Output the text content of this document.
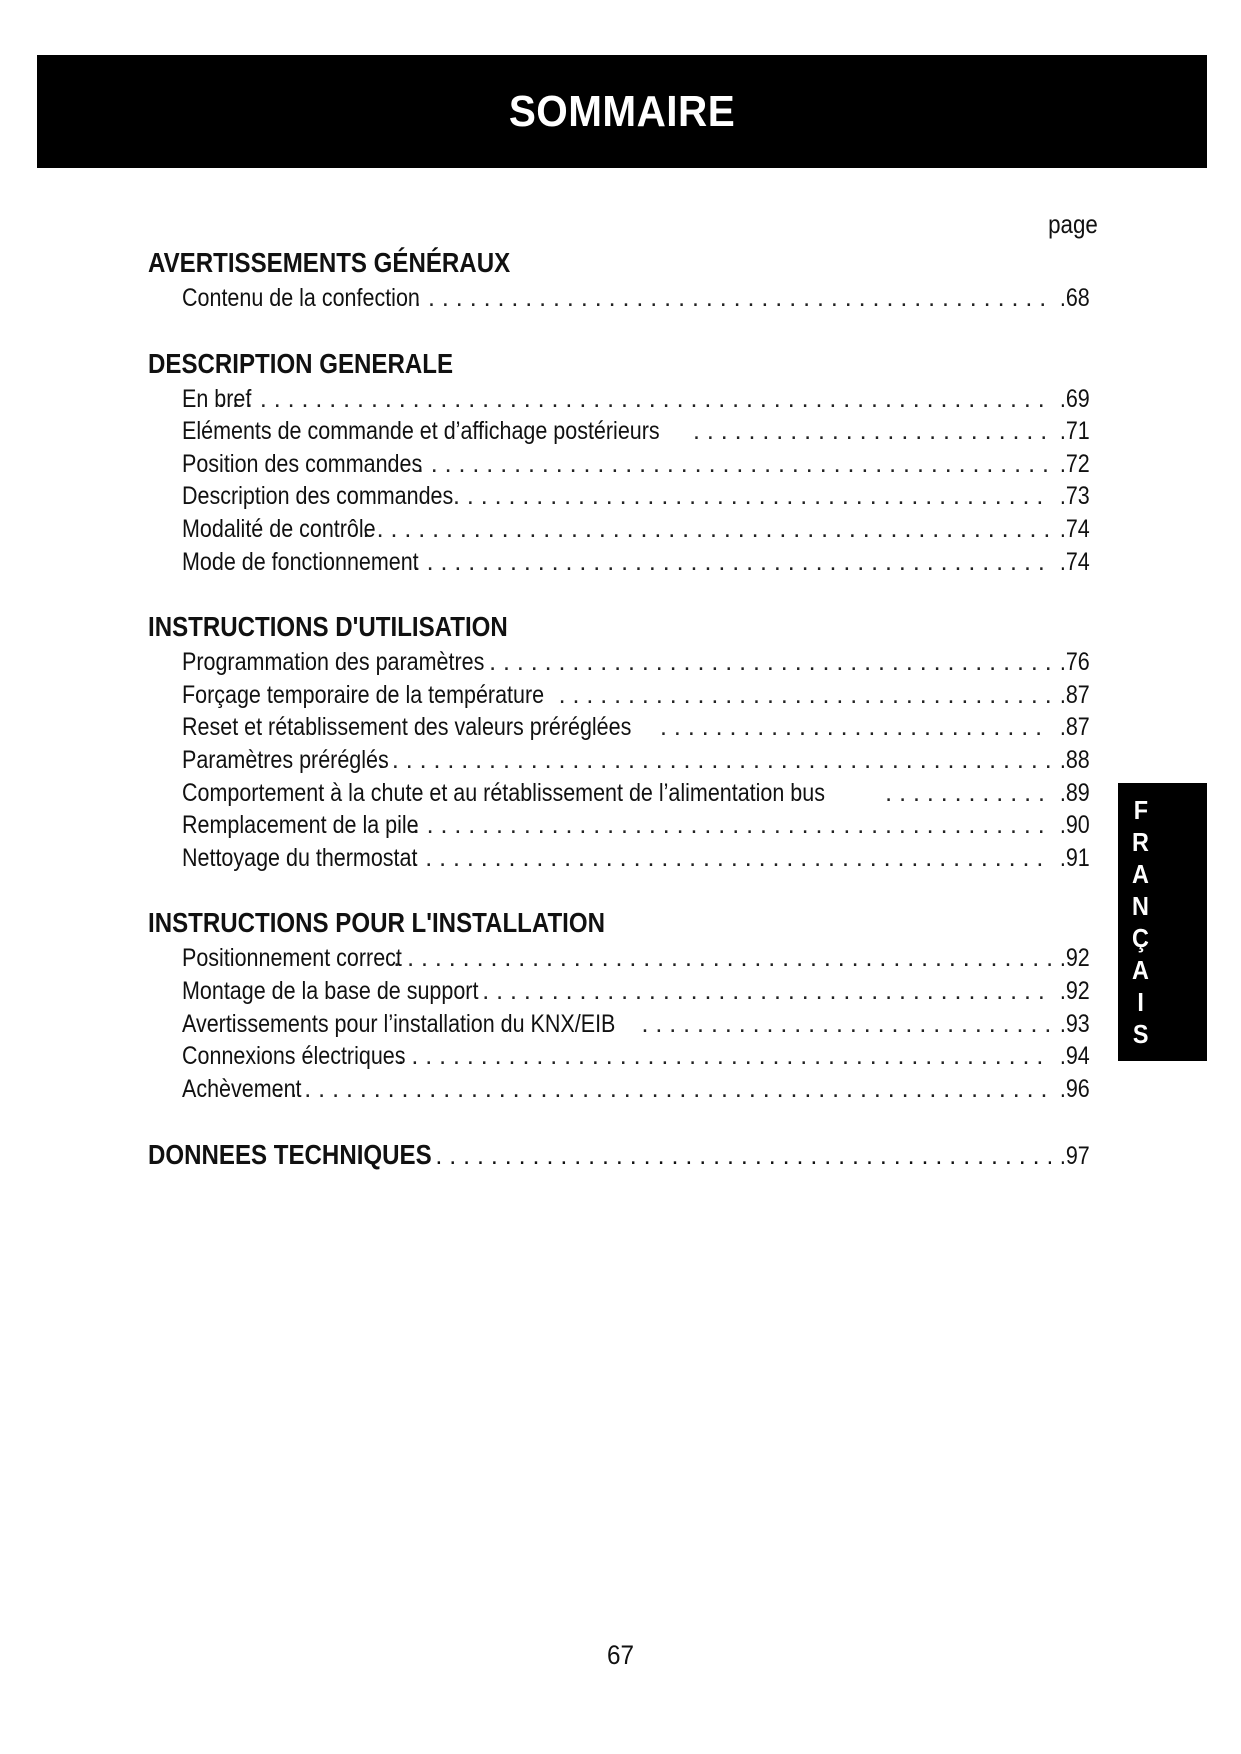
SOMMAIRE
page
AVERTISSEMENTS GÉNÉRAUX
Contenu de la confection . . .	.68
DESCRIPTION GENERALE
En bref . . .	.69
Eléments de commande et d’affichage postérieurs . . .	.71
Position des commandes . . .	.72
Description des commandes . . .	.73
Modalité de contrôle . . .	.74
Mode de fonctionnement . . .	.74
INSTRUCTIONS D'UTILISATION
Programmation des paramètres . . .	.76
Forçage temporaire de la température . . .	.87
Reset et rétablissement des valeurs préréglées . . .	.87
Paramètres préréglés . . .	.88
Comportement à la chute et au rétablissement de l’alimentation bus . . .	.89
Remplacement de la pile . . .	.90
Nettoyage du thermostat . . .	.91
INSTRUCTIONS POUR L'INSTALLATION
Positionnement correct . . .	.92
Montage de la base de support . . .	.92
Avertissements pour l’installation du KNX/EIB . . .	.93
Connexions électriques . . .	.94
Achèvement . . .	.96
DONNEES TECHNIQUES . . .	.97
F
R
A
N
Ç
A
I
S
67
